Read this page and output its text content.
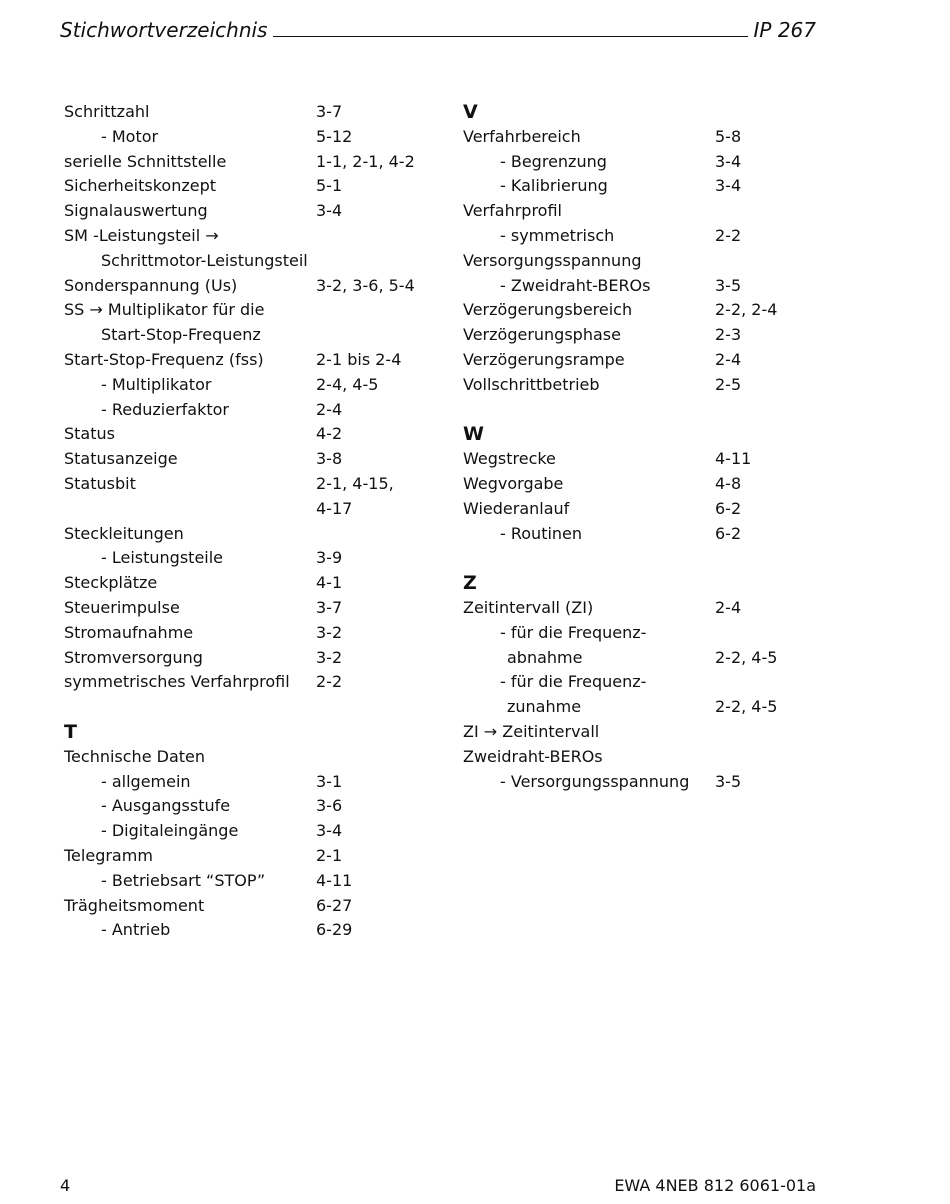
Stichwortverzeichnis	IP 267
Schrittzahl	3-7
- Motor	5-12
serielle Schnittstelle	1-1, 2-1, 4-2
Sicherheitskonzept	5-1
Signalauswertung	3-4
SM -Leistungsteil →
Schrittmotor-Leistungsteil
Sonderspannung (Us)	3-2, 3-6, 5-4
SS → Multiplikator für die
Start-Stop-Frequenz
Start-Stop-Frequenz (fss)	2-1 bis 2-4
- Multiplikator	2-4, 4-5
- Reduzierfaktor	2-4
Status	4-2
Statusanzeige	3-8
Statusbit	2-1, 4-15,
4-17
Steckleitungen
- Leistungsteile	3-9
Steckplätze	4-1
Steuerimpulse	3-7
Stromaufnahme	3-2
Stromversorgung	3-2
symmetrisches Verfahrprofil 2-2
T
Technische Daten
- allgemein	3-1
- Ausgangsstufe	3-6
- Digitaleingänge	3-4
Telegramm	2-1
- Betriebsart “STOP”	4-11
Trägheitsmoment	6-27
- Antrieb	6-29
V
Verfahrbereich	5-8
- Begrenzung	3-4
- Kalibrierung	3-4
Verfahrprofil
- symmetrisch	2-2
Versorgungsspannung
- Zweidraht-BEROs	3-5
Verzögerungsbereich	2-2, 2-4
Verzögerungsphase	2-3
Verzögerungsrampe	2-4
Vollschrittbetrieb	2-5
W
Wegstrecke	4-11
Wegvorgabe	4-8
Wiederanlauf	6-2
- Routinen	6-2
Z
Zeitintervall (ZI)	2-4
- für die Frequenz-
abnahme	2-2, 4-5
- für die Frequenz-
zunahme	2-2, 4-5
ZI → Zeitintervall
Zweidraht-BEROs
- Versorgungsspannung 3-5
4	EWA 4NEB 812 6061-01a
